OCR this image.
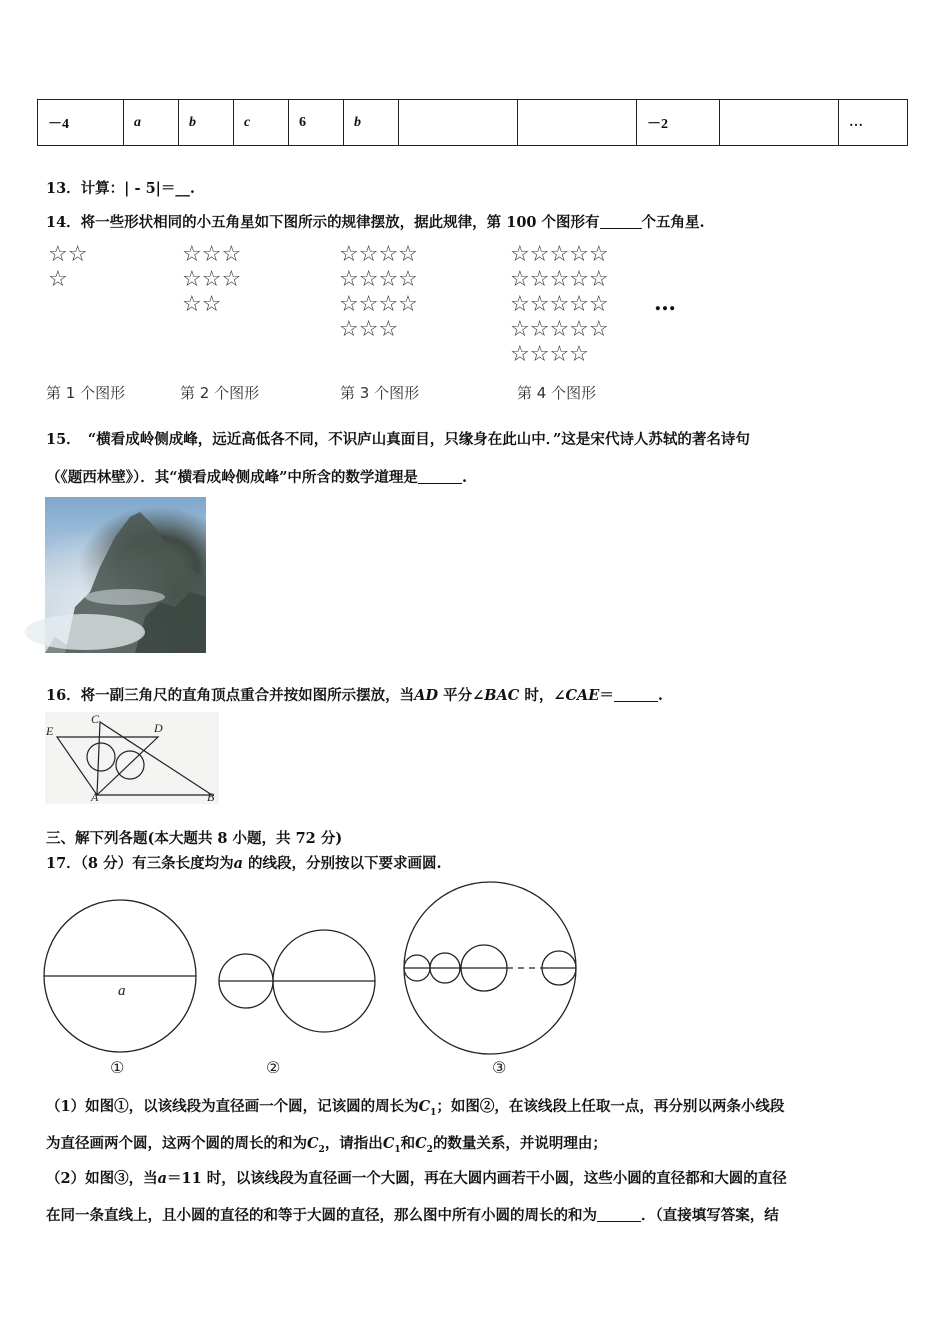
－4	a	b	c	6	b			－2		…
13．计算：| - 5|＝__.
14．将一些形状相同的小五角星如下图所示的规律摆放，据此规律，第 100 个图形有	个五角星.
☆☆
☆
☆☆☆
☆☆☆
☆☆
☆☆☆☆
☆☆☆☆
☆☆☆☆
☆☆☆
☆☆☆☆☆
☆☆☆☆☆
☆☆☆☆☆
☆☆☆☆☆
☆☆☆☆
…
第 1 个图形	第 2 个图形	第 3 个图形	第 4 个图形
15．　“横看成岭侧成峰，远近高低各不同，不识庐山真面目，只缘身在此山中．”这是宋代诗人苏轼的著名诗句
（《题西林壁》）．其“横看成岭侧成峰”中所含的数学道理是	.
16．将一副三角尺的直角顶点重合并按如图所示摆放，当AD 平分∠BAC 时，∠CAE＝	.
E
C
D
A	B
三、解下列各题(本大题共 8 小题，共 72 分)
17．（8 分）有三条长度均为a 的线段，分别按以下要求画圆.
a
①	②	③
（1）如图①，以该线段为直径画一个圆，记该圆的周长为$C_1$；如图②，在该线段上任取一点，再分别以两条小线段
为直径画两个圆，这两个圆的周长的和为$C_2$，请指出$C_1$和$C_2$的数量关系，并说明理由；
（2）如图③，当a＝11 时，以该线段为直径画一个大圆，再在大圆内画若干小圆，这些小圆的直径都和大圆的直径
在同一条直线上，且小圆的直径的和等于大圆的直径，那么图中所有小圆的周长的和为	．（直接填写答案，结
